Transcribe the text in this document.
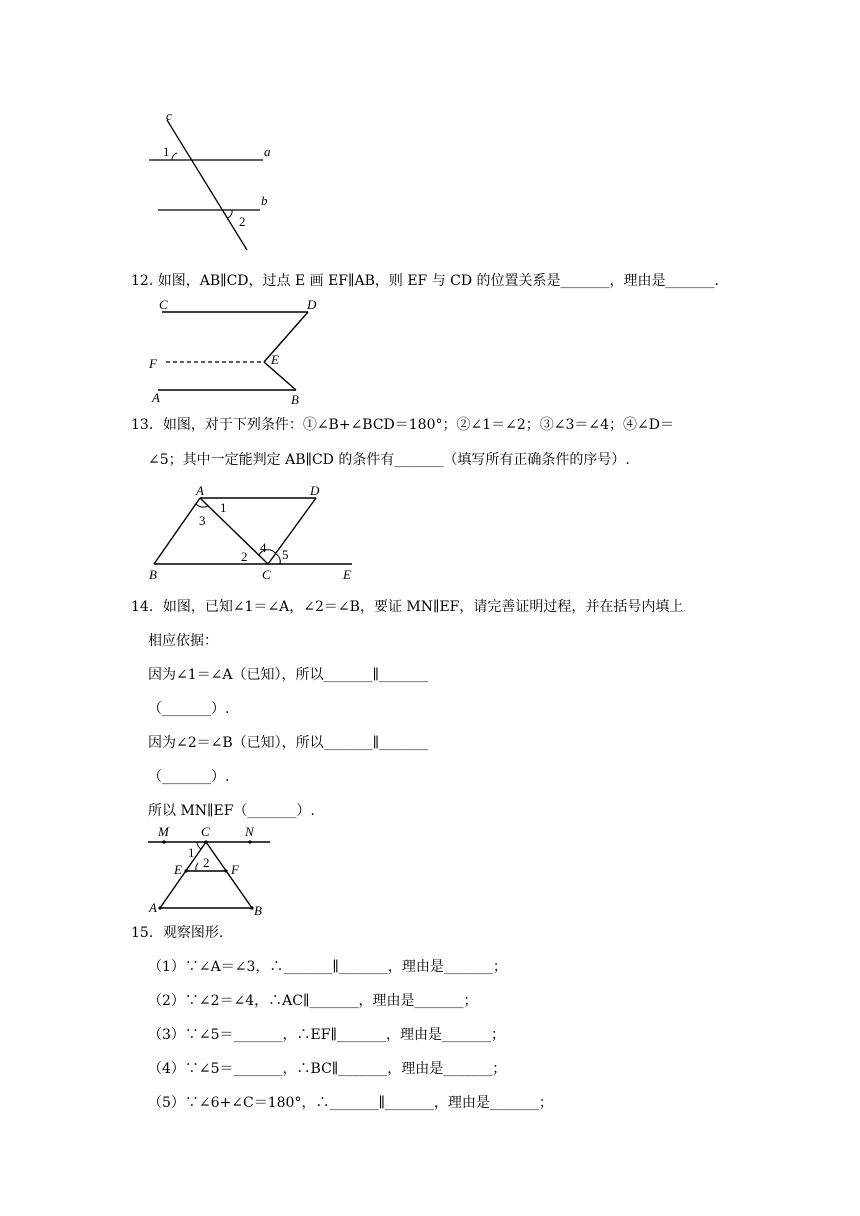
c
1	a
b
2
12. 如图，AB∥CD，过点 E 画 EF∥AB，则 EF 与 CD 的位置关系是_______，理由是_______.
C	D
F	E
A	B
13．如图，对于下列条件：①∠B+∠BCD＝180°；②∠1＝∠2；③∠3＝∠4；④∠D＝
∠5；其中一定能判定 AB∥CD 的条件有_______（填写所有正确条件的序号）.
A	D
1
3
4
2	5
B	C	E
14．如图，已知∠1＝∠A，∠2＝∠B，要证 MN∥EF，请完善证明过程，并在括号内填上
相应依据：
因为∠1＝∠A（已知），所以_______∥_______
（_______）.
因为∠2＝∠B（已知），所以_______∥_______
（_______）.
所以 MN∥EF（_______）.
M C	N
1
2
E	F
A	B
15．观察图形.
（1）∵∠A＝∠3，∴_______∥_______，理由是_______；
（2）∵∠2＝∠4，∴AC∥_______，理由是_______；
（3）∵∠5＝_______，∴EF∥_______，理由是_______；
（4）∵∠5＝_______，∴BC∥_______，理由是_______；
（5）∵∠6+∠C＝180°，∴_______∥_______，理由是_______；
